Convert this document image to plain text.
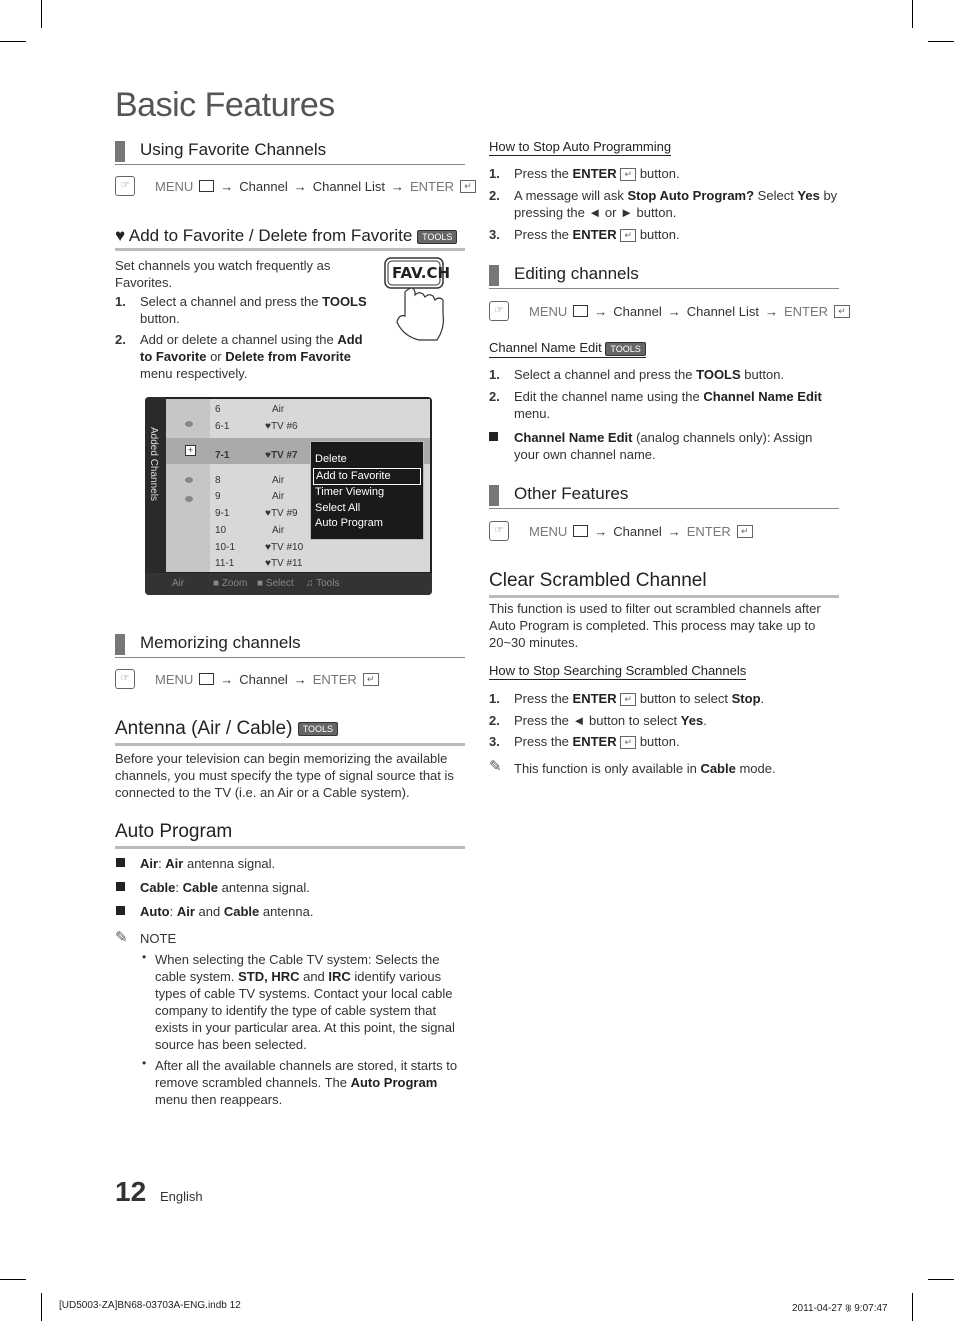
Basic Features
Using Favorite Channels
☞	MENU → Channel → Channel List → ENTER	↵
♥ Add to Favorite / Delete from Favorite TOOLS
Set channels you watch frequently as Favorites.
1. Select a channel and press the TOOLS button.
2. Add or delete a channel using the Add to Favorite or Delete from Favorite menu respectively.
FAV.CH
Added Channels	+
6	Air
6-1	♥TV #6
7-1	♥TV #7
8	Air
9	Air
9-1	♥TV #9
10	Air
10-1	♥TV #10
11-1	♥TV #11
Delete
Add to Favorite
Timer Viewing
Select All
Auto Program
Air	■ Zoom ■ Select ♫ Tools
Memorizing channels
☞	MENU → Channel → ENTER	↵
Antenna (Air / Cable) TOOLS
Before your television can begin memorizing the available channels, you must specify the type of signal source that is connected to the TV (i.e. an Air or a Cable system).
Auto Program
Air: Air antenna signal.
Cable: Cable antenna signal.
Auto: Air and Cable antenna.
✎ NOTE
• When selecting the Cable TV system: Selects the cable system. STD, HRC and IRC identify various types of cable TV systems. Contact your local cable company to identify the type of cable system that exists in your particular area. At this point, the signal source has been selected.
• After all the available channels are stored, it starts to remove scrambled channels. The Auto Program menu then reappears.
12 English
How to Stop Auto Programming
1. Press the ENTER ↵ button.
2. A message will ask Stop Auto Program? Select Yes by pressing the ◄ or ► button.
3. Press the ENTER ↵ button.
Editing channels
☞	MENU → Channel → Channel List → ENTER	↵
Channel Name Edit TOOLS
1. Select a channel and press the TOOLS button.
2. Edit the channel name using the Channel Name Edit menu.
Channel Name Edit (analog channels only): Assign your own channel name.
Other Features
☞	MENU → Channel → ENTER	↵
Clear Scrambled Channel
This function is used to filter out scrambled channels after Auto Program is completed. This process may take up to 20~30 minutes.
How to Stop Searching Scrambled Channels
1. Press the ENTER ↵ button to select Stop.
2. Press the ◄ button to select Yes.
3. Press the ENTER ↵ button.
✎ This function is only available in Cable mode.
[UD5003-ZA]BN68-03703A-ENG.indb 12	2011-04-27 ꡵ 9:07:47
